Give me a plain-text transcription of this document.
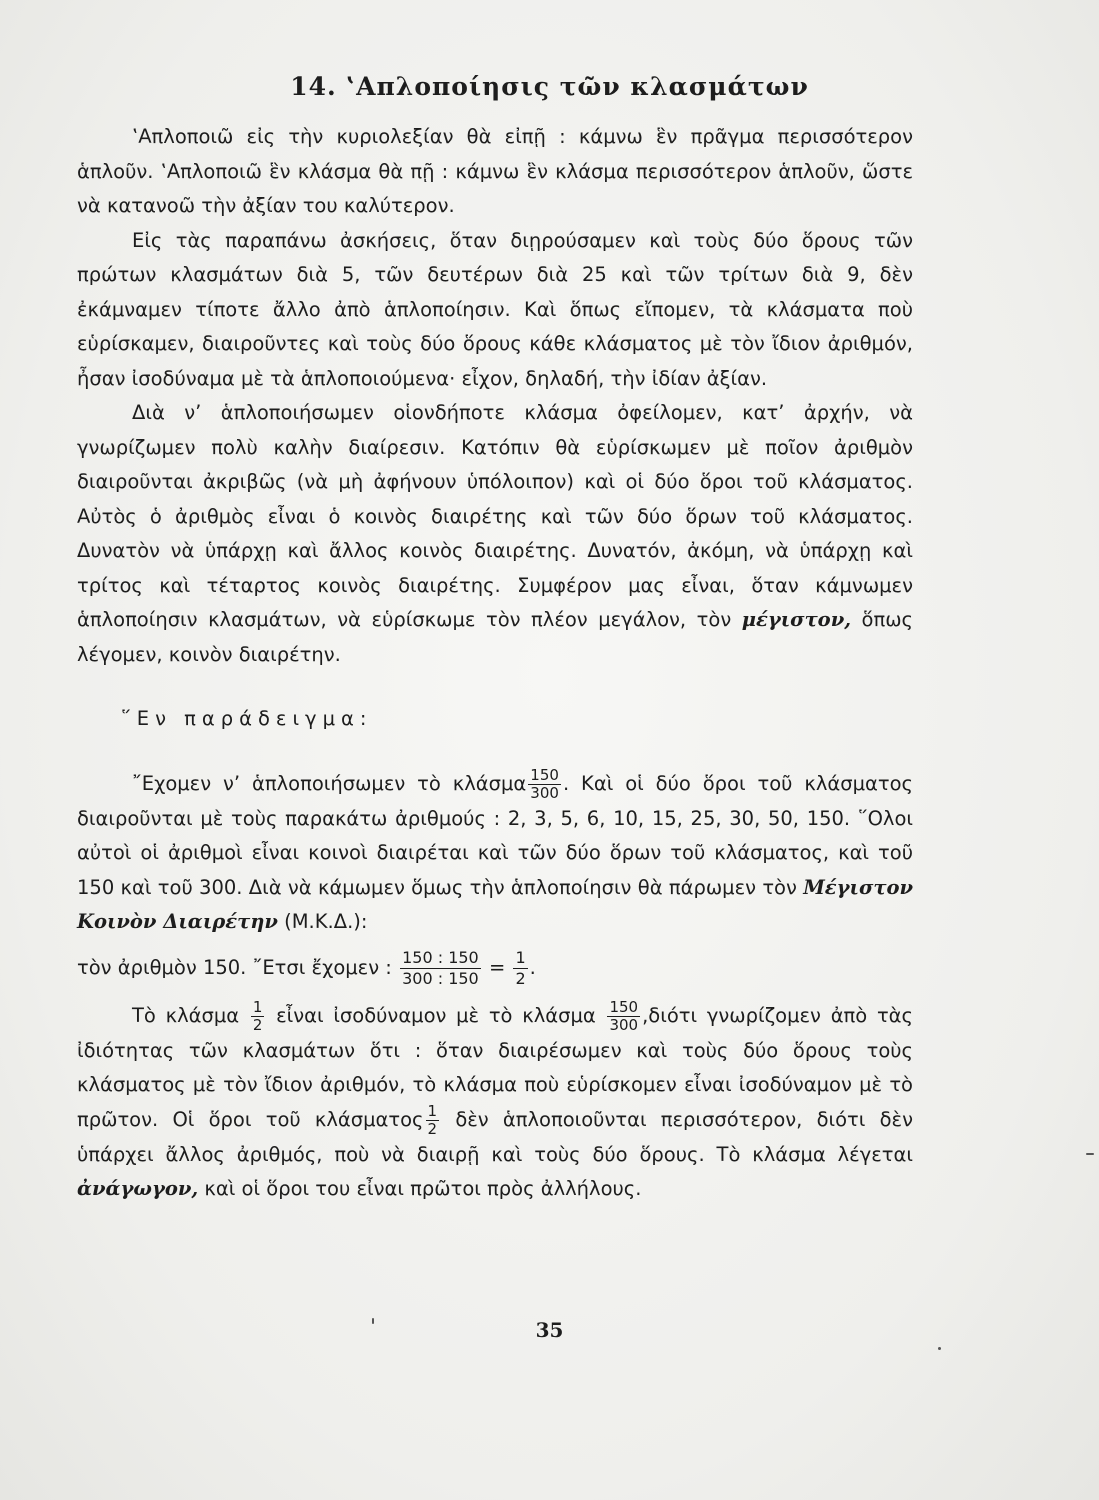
14. ‛Απλοποίησις τῶν κλασμάτων

‛Απλοποιῶ εἰς τὴν κυριολεξίαν θὰ εἰπῇ : κάμνω ἓν πρᾶγμα περισσότερον ἁπλοῦν. ‛Απλοποιῶ ἓν κλάσμα θὰ πῇ : κάμνω ἓν κλάσμα περισσότερον ἁπλοῦν, ὥστε νὰ κατανοῶ τὴν ἀξίαν του καλύτερον.

Εἰς τὰς παραπάνω ἀσκήσεις, ὅταν διῃρούσαμεν καὶ τοὺς δύο ὅρους τῶν πρώτων κλασμάτων διὰ 5, τῶν δευτέρων διὰ 25 καὶ τῶν τρίτων διὰ 9, δὲν ἐκάμναμεν τίποτε ἄλλο ἀπὸ ἁπλοποίησιν. Καὶ ὅπως εἴπομεν, τὰ κλάσματα ποὺ εὑρίσκαμεν, διαιροῦντες καὶ τοὺς δύο ὅρους κάθε κλάσματος μὲ τὸν ἴδιον ἀριθμόν, ἦσαν ἰσοδύναμα μὲ τὰ ἁπλοποιούμενα· εἶχον, δηλαδή, τὴν ἰδίαν ἀξίαν.

Διὰ ν’ ἁπλοποιήσωμεν οἱονδήποτε κλάσμα ὀφείλομεν, κατ’ ἀρχήν, νὰ γνωρίζωμεν πολὺ καλὴν διαίρεσιν. Κατόπιν θὰ εὑρίσκωμεν μὲ ποῖον ἀριθμὸν διαιροῦνται ἀκριβῶς (νὰ μὴ ἀφήνουν ὑπόλοιπον) καὶ οἱ δύο ὅροι τοῦ κλάσματος. Αὐτὸς ὁ ἀριθμὸς εἶναι ὁ κοινὸς διαιρέτης καὶ τῶν δύο ὅρων τοῦ κλάσματος. Δυνατὸν νὰ ὑπάρχῃ καὶ ἄλλος κοινὸς διαιρέτης. Δυνατόν, ἀκόμη, νὰ ὑπάρχῃ καὶ τρίτος καὶ τέταρτος κοινὸς διαιρέτης. Συμφέρον μας εἶναι, ὅταν κάμνωμεν ἁπλοποίησιν κλασμάτων, νὰ εὑρίσκωμε τὸν πλέον μεγάλον, τὸν μέγιστον, ὅπως λέγομεν, κοινὸν διαιρέτην.

῞Εν παράδειγμα:

῎Εχομεν ν’ ἁπλοποιήσωμεν τὸ κλάσμα $\frac{150}{300}$ . Καὶ οἱ δύο ὅροι τοῦ κλάσματος διαιροῦνται μὲ τοὺς παρακάτω ἀριθμούς : 2, 3, 5, 6, 10, 15, 25, 30, 50, 150. ῞Ολοι αὐτοὶ οἱ ἀριθμοὶ εἶναι κοινοὶ διαιρέται καὶ τῶν δύο ὅρων τοῦ κλάσματος, καὶ τοῦ 150 καὶ τοῦ 300. Διὰ νὰ κάμωμεν ὅμως τὴν ἁπλοποίησιν θὰ πάρωμεν τὸν Μέγιστον Κοινὸν Διαιρέτην (Μ.Κ.Δ.):

τὸν ἀριθμὸν 150. ῎Ετσι ἔχομεν : $\frac{150 : 150}{300 : 150} = \frac{1}{2}$ .

Τὸ κλάσμα $\frac{1}{2}$ εἶναι ἰσοδύναμον μὲ τὸ κλάσμα $\frac{150}{300} ,\delta\iota ό\tau\iota$ γνωρίζομεν ἀπὸ τὰς ἰδιότητας τῶν κλασμάτων ὅτι : ὅταν διαιρέσωμεν καὶ τοὺς δύο ὅρους τοὺς κλάσματος μὲ τὸν ἴδιον ἀριθμόν, τὸ κλάσμα ποὺ εὑρίσκομεν εἶναι ἰσοδύναμον μὲ τὸ πρῶτον. Οἱ ὅροι τοῦ κλάσματος $\frac{1}{2}$ δὲν ἁπλοποιοῦνται περισσότερον, διότι δὲν ὑπάρχει ἄλλος ἀριθμός, ποὺ νὰ διαιρῇ καὶ τοὺς δύο ὅρους. Τὸ κλάσμα λέγεται ἀνάγωγον, καὶ οἱ ὅροι του εἶναι πρῶτοι πρὸς ἀλλήλους.

35
